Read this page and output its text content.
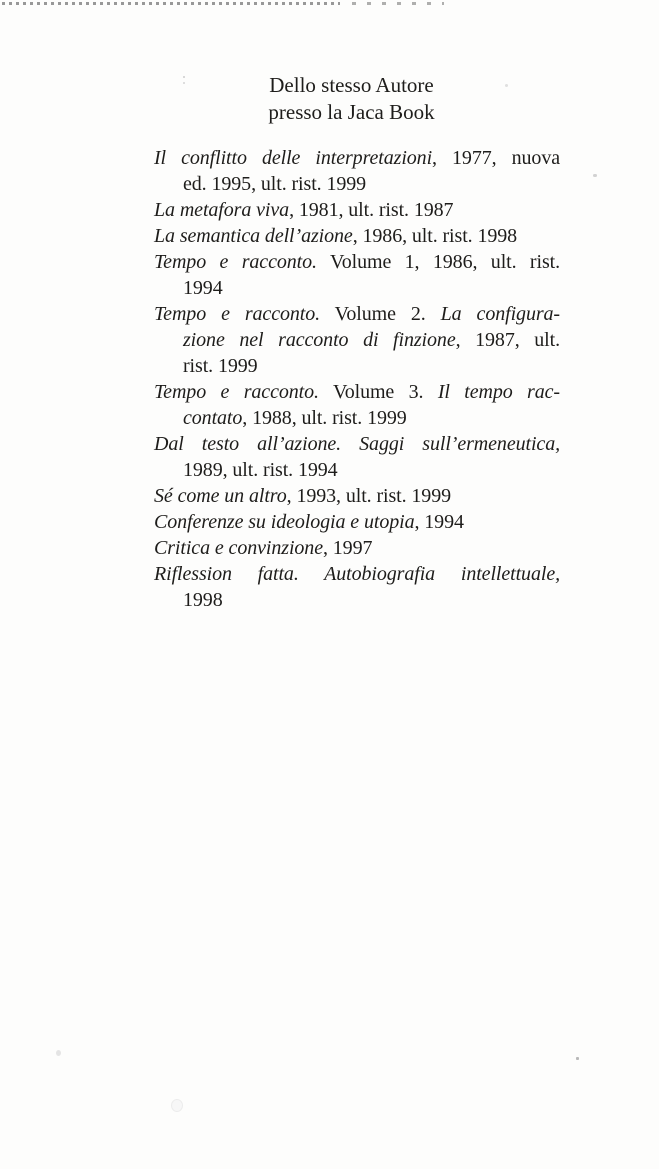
Dello stesso Autore
presso la Jaca Book
Il conflitto delle interpretazioni, 1977, nuova
ed. 1995, ult. rist. 1999
La metafora viva, 1981, ult. rist. 1987
La semantica dell’azione, 1986, ult. rist. 1998
Tempo e racconto. Volume 1, 1986, ult. rist.
1994
Tempo e racconto. Volume 2. La configura-
zione nel racconto di finzione, 1987, ult.
rist. 1999
Tempo e racconto. Volume 3. Il tempo rac-
contato, 1988, ult. rist. 1999
Dal testo all’azione. Saggi sull’ermeneutica,
1989, ult. rist. 1994
Sé come un altro, 1993, ult. rist. 1999
Conferenze su ideologia e utopia, 1994
Critica e convinzione, 1997
Riflession fatta. Autobiografia intellettuale,
1998
